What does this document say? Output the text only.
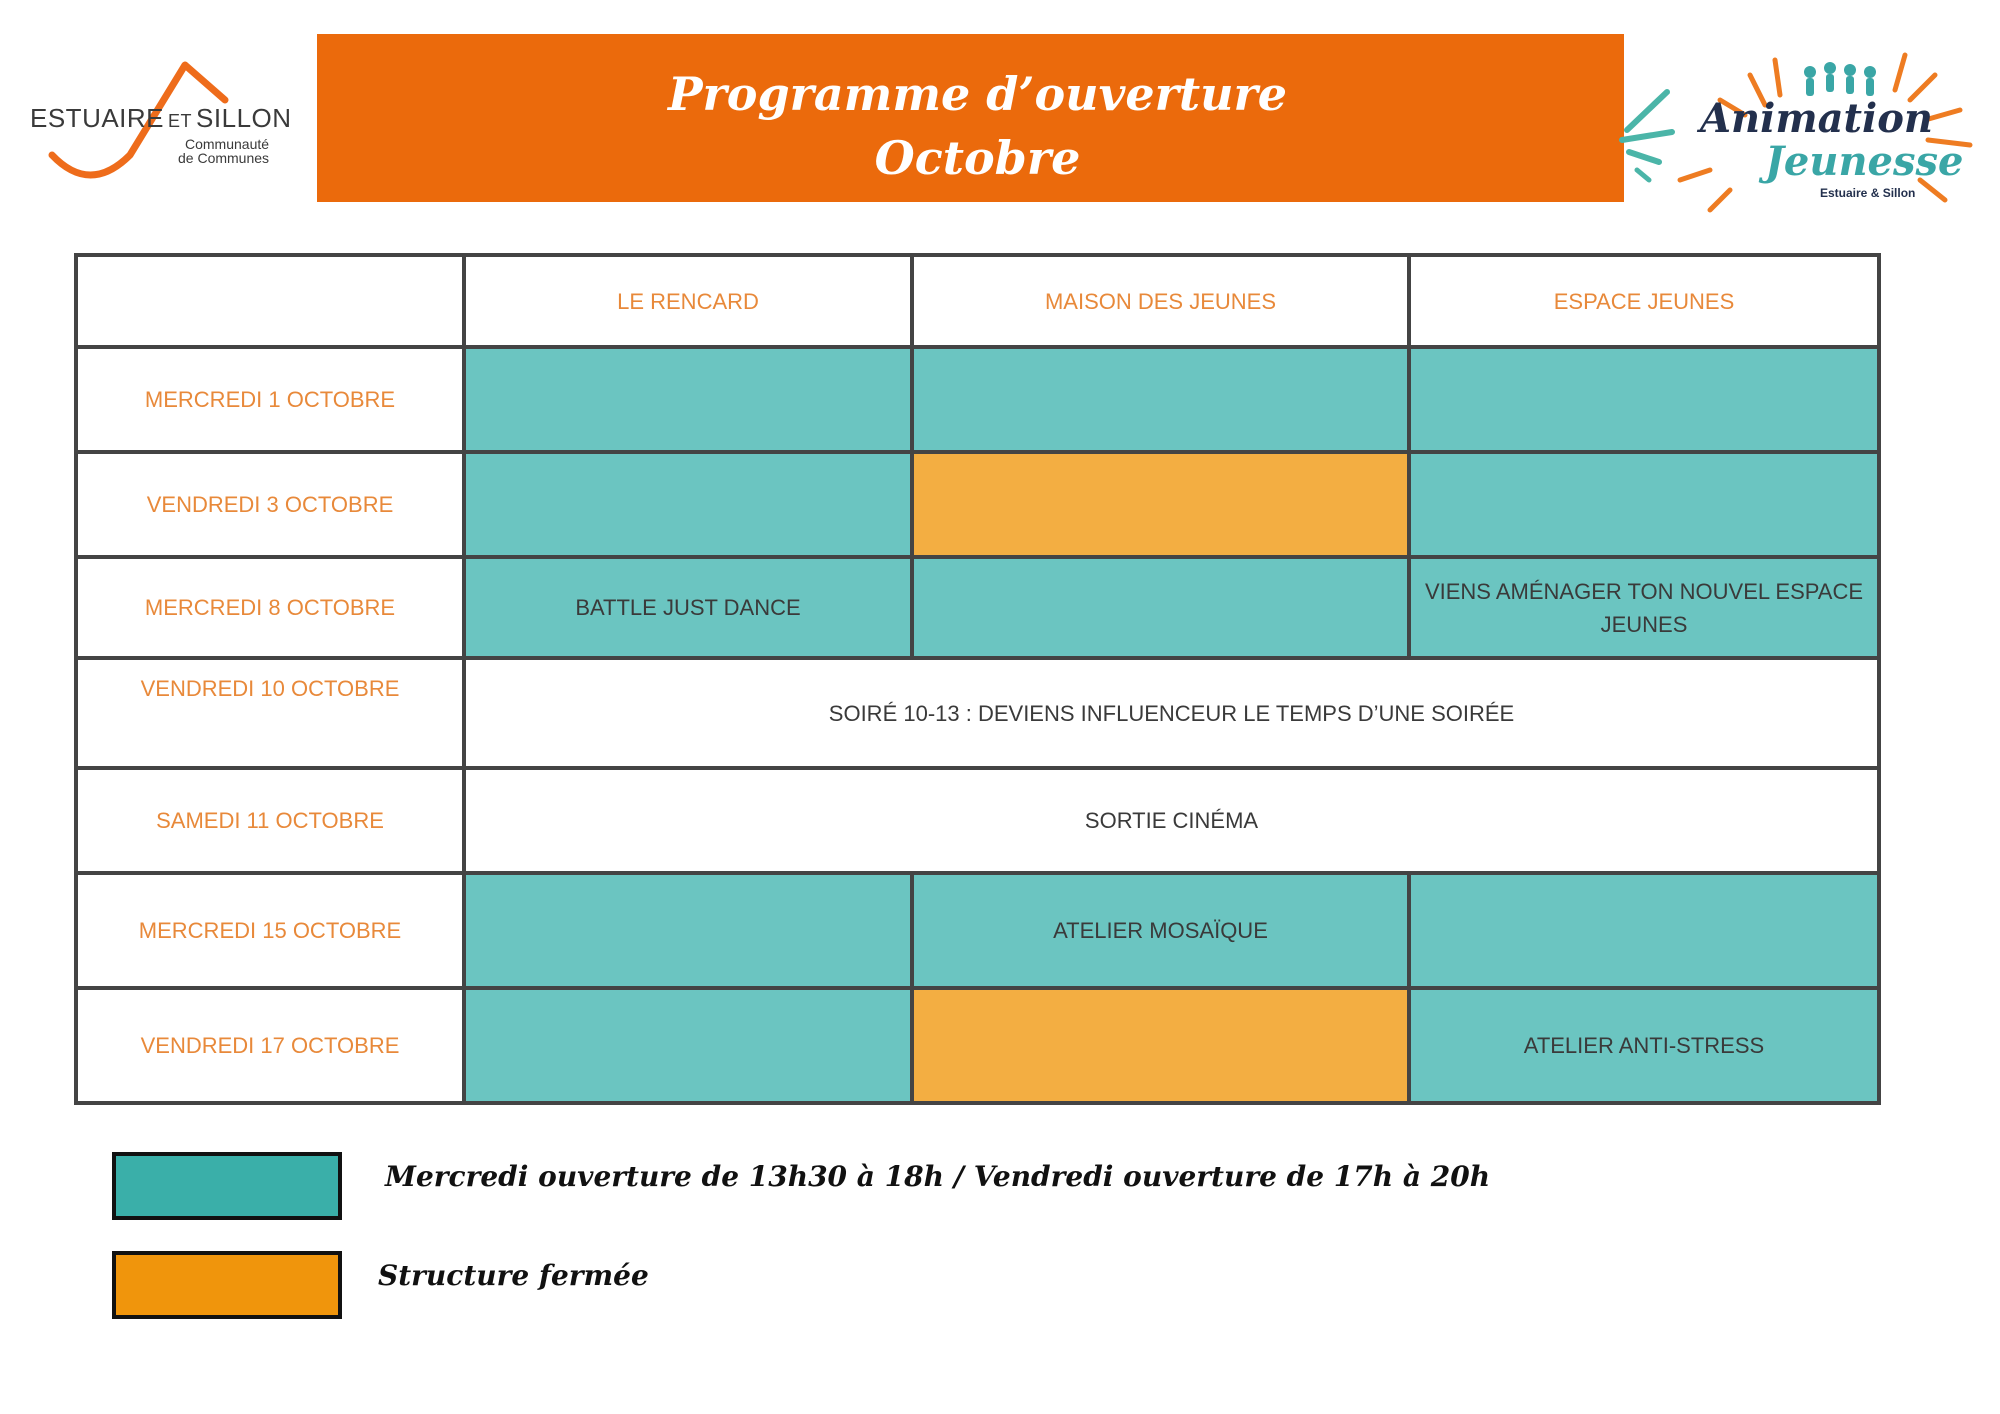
ESTUAIRE ET SILLON
Communauté
de Communes
Programme d’ouverture
Octobre
Animation
Jeunesse
Estuaire & Sillon
	LE RENCARD	MAISON DES JEUNES	ESPACE JEUNES
MERCREDI 1 OCTOBRE			
VENDREDI 3 OCTOBRE			
MERCREDI 8 OCTOBRE	BATTLE JUST DANCE		VIENS AMÉNAGER TON NOUVEL ESPACE JEUNES
VENDREDI 10 OCTOBRE	SOIRÉ 10-13 : DEVIENS INFLUENCEUR LE TEMPS D’UNE SOIRÉE		
SAMEDI 11 OCTOBRE	SORTIE CINÉMA		
MERCREDI 15 OCTOBRE		ATELIER MOSAÏQUE	
VENDREDI 17 OCTOBRE			ATELIER ANTI-STRESS
Mercredi ouverture de 13h30 à 18h / Vendredi ouverture de 17h à 20h
Structure fermée
